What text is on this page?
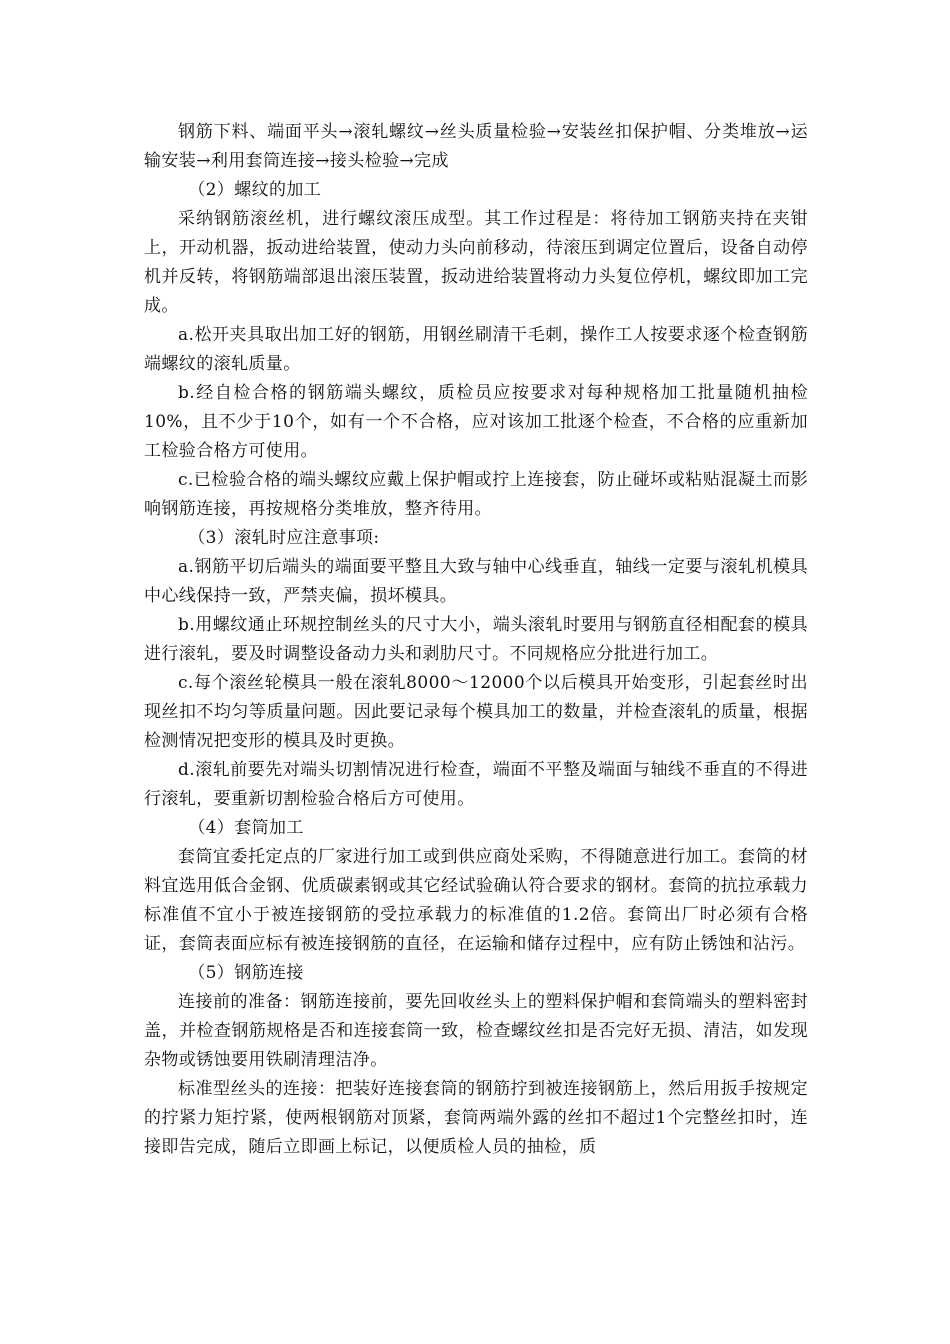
钢筋下料、端面平头→滚轧螺纹→丝头质量检验→安装丝扣保护帽、分类堆放→运输安装→利用套筒连接→接头检验→完成

（2）螺纹的加工

采纳钢筋滚丝机，进行螺纹滚压成型。其工作过程是：将待加工钢筋夹持在夹钳上，开动机器，扳动进给装置，使动力头向前移动，待滚压到调定位置后，设备自动停机并反转，将钢筋端部退出滚压装置，扳动进给装置将动力头复位停机，螺纹即加工完成。

a.松开夹具取出加工好的钢筋，用钢丝刷清干毛刺，操作工人按要求逐个检查钢筋端螺纹的滚轧质量。

b.经自检合格的钢筋端头螺纹，质检员应按要求对每种规格加工批量随机抽检10%，且不少于10个，如有一个不合格，应对该加工批逐个检查，不合格的应重新加工检验合格方可使用。

c.已检验合格的端头螺纹应戴上保护帽或拧上连接套，防止碰坏或粘贴混凝土而影响钢筋连接，再按规格分类堆放，整齐待用。

（3）滚轧时应注意事项:

a.钢筋平切后端头的端面要平整且大致与轴中心线垂直，轴线一定要与滚轧机模具中心线保持一致，严禁夹偏，损坏模具。

b.用螺纹通止环规控制丝头的尺寸大小，端头滚轧时要用与钢筋直径相配套的模具进行滚轧，要及时调整设备动力头和剥肋尺寸。不同规格应分批进行加工。

c.每个滚丝轮模具一般在滚轧8000～12000个以后模具开始变形，引起套丝时出现丝扣不均匀等质量问题。因此要记录每个模具加工的数量，并检查滚轧的质量，根据检测情况把变形的模具及时更换。

d.滚轧前要先对端头切割情况进行检查，端面不平整及端面与轴线不垂直的不得进行滚轧，要重新切割检验合格后方可使用。

（4）套筒加工

套筒宜委托定点的厂家进行加工或到供应商处采购，不得随意进行加工。套筒的材料宜选用低合金钢、优质碳素钢或其它经试验确认符合要求的钢材。套筒的抗拉承载力标准值不宜小于被连接钢筋的受拉承载力的标准值的1.2倍。套筒出厂时必须有合格证，套筒表面应标有被连接钢筋的直径，在运输和储存过程中，应有防止锈蚀和沾污。

（5）钢筋连接

连接前的准备：钢筋连接前，要先回收丝头上的塑料保护帽和套筒端头的塑料密封盖，并检查钢筋规格是否和连接套筒一致，检查螺纹丝扣是否完好无损、清洁，如发现杂物或锈蚀要用铁刷清理洁净。

标准型丝头的连接：把装好连接套筒的钢筋拧到被连接钢筋上，然后用扳手按规定的拧紧力矩拧紧，使两根钢筋对顶紧，套筒两端外露的丝扣不超过1个完整丝扣时，连接即告完成，随后立即画上标记，以便质检人员的抽检，质
